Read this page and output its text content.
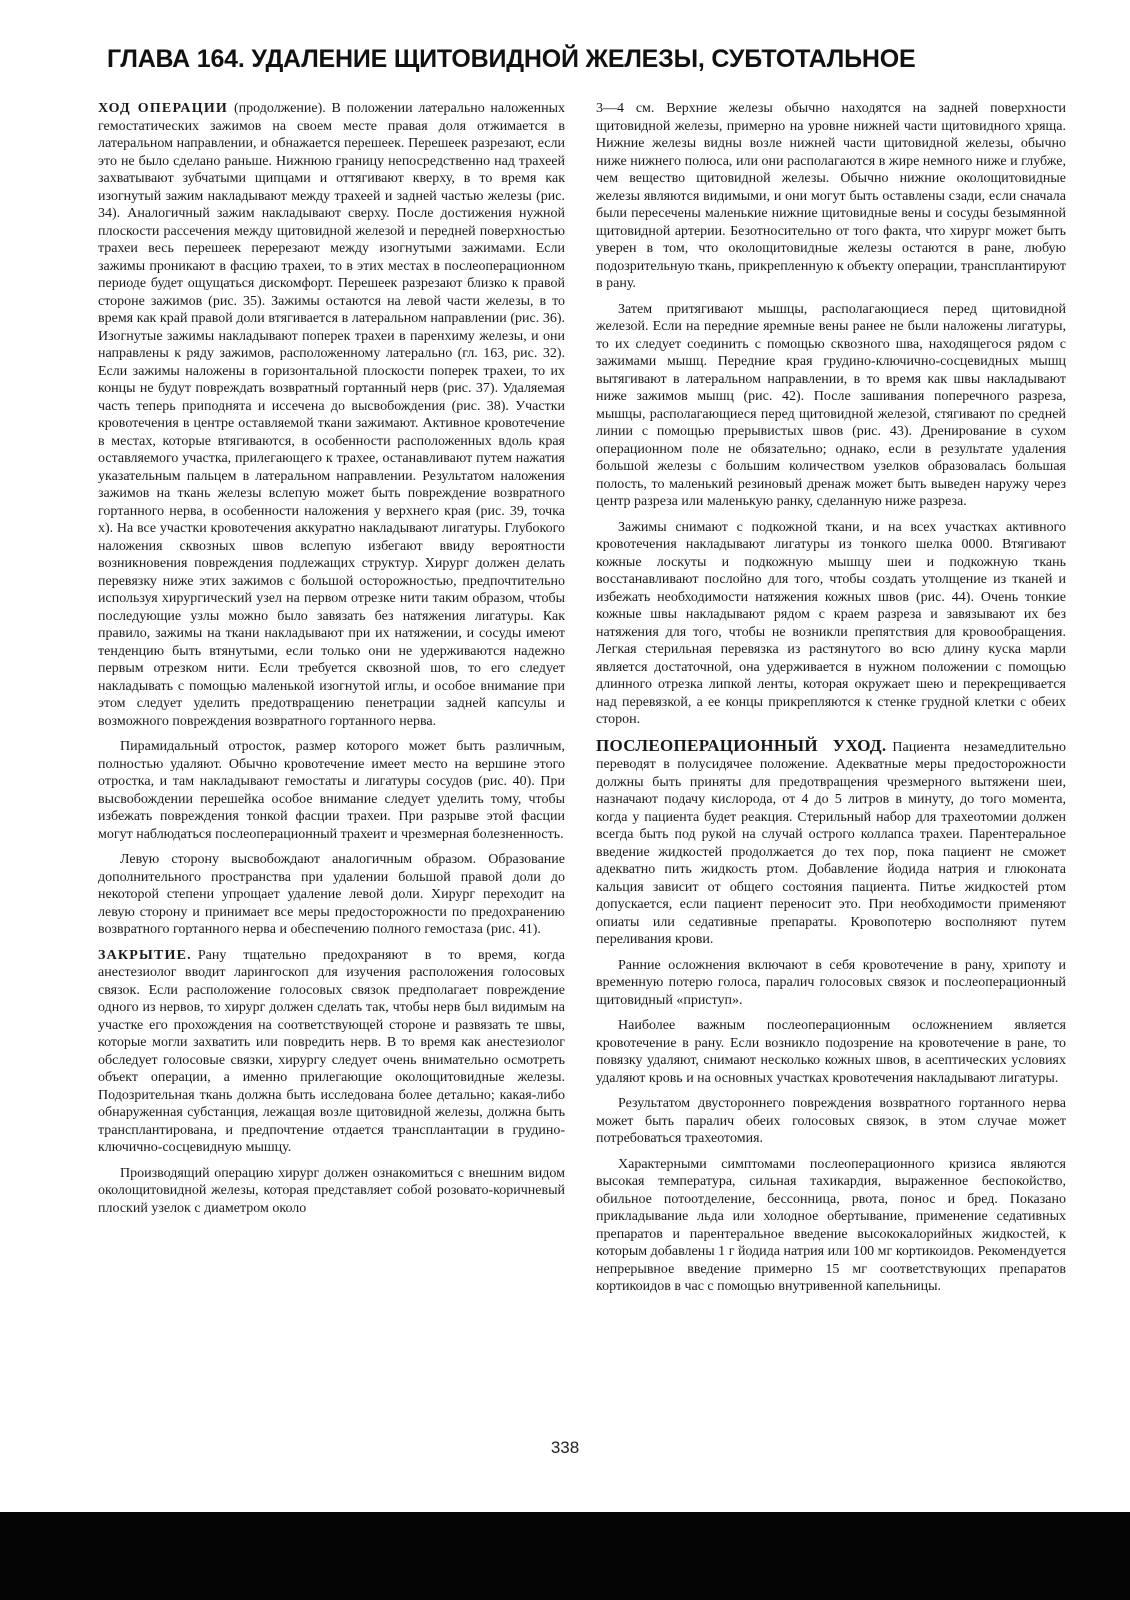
ГЛАВА 164. УДАЛЕНИЕ ЩИТОВИДНОЙ ЖЕЛЕЗЫ, СУБТОТАЛЬНОЕ

ХОД ОПЕРАЦИИ (продолжение). В положении латерально наложенных гемостатических зажимов на своем месте правая доля отжимается в латеральном направлении, и обнажается перешеек. Перешеек разрезают, если это не было сделано раньше. Нижнюю границу непосредственно над трахеей захватывают зубчатыми щипцами и оттягивают кверху, в то время как изогнутый зажим накладывают между трахеей и задней частью железы (рис. 34). Аналогичный зажим накладывают сверху. После достижения нужной плоскости рассечения между щитовидной железой и передней поверхностью трахеи весь перешеек перерезают между изогнутыми зажимами. Если зажимы проникают в фасцию трахеи, то в этих местах в послеоперационном периоде будет ощущаться дискомфорт. Перешеек разрезают близко к правой стороне зажимов (рис. 35). Зажимы остаются на левой части железы, в то время как край правой доли втягивается в латеральном направлении (рис. 36). Изогнутые зажимы накладывают поперек трахеи в паренхиму железы, и они направлены к ряду зажимов, расположенному латерально (гл. 163, рис. 32). Если зажимы наложены в горизонтальной плоскости поперек трахеи, то их концы не будут повреждать возвратный гортанный нерв (рис. 37). Удаляемая часть теперь приподнята и иссечена до высвобождения (рис. 38). Участки кровотечения в центре оставляемой ткани зажимают. Активное кровотечение в местах, которые втягиваются, в особенности расположенных вдоль края оставляемого участка, прилегающего к трахее, останавливают путем нажатия указательным пальцем в латеральном направлении. Результатом наложения зажимов на ткань железы вслепую может быть повреждение возвратного гортанного нерва, в особенности наложения у верхнего края (рис. 39, точка х). На все участки кровотечения аккуратно накладывают лигатуры. Глубокого наложения сквозных швов вслепую избегают ввиду вероятности возникновения повреждения подлежащих структур. Хирург должен делать перевязку ниже этих зажимов с большой осторожностью, предпочтительно используя хирургический узел на первом отрезке нити таким образом, чтобы последующие узлы можно было завязать без натяжения лигатуры. Как правило, зажимы на ткани накладывают при их натяжении, и сосуды имеют тенденцию быть втянутыми, если только они не удерживаются надежно первым отрезком нити. Если требуется сквозной шов, то его следует накладывать с помощью маленькой изогнутой иглы, и особое внимание при этом следует уделить предотвращению пенетрации задней капсулы и возможного повреждения возвратного гортанного нерва.

Пирамидальный отросток, размер которого может быть различным, полностью удаляют. Обычно кровотечение имеет место на вершине этого отростка, и там накладывают гемостаты и лигатуры сосудов (рис. 40). При высвобождении перешейка особое внимание следует уделить тому, чтобы избежать повреждения тонкой фасции трахеи. При разрыве этой фасции могут наблюдаться послеоперационный трахеит и чрезмерная болезненность.

Левую сторону высвобождают аналогичным образом. Образование дополнительного пространства при удалении большой правой доли до некоторой степени упрощает удаление левой доли. Хирург переходит на левую сторону и принимает все меры предосторожности по предохранению возвратного гортанного нерва и обеспечению полного гемостаза (рис. 41).

ЗАКРЫТИЕ. Рану тщательно предохраняют в то время, когда анестезиолог вводит ларингоскоп для изучения расположения голосовых связок. Если расположение голосовых связок предполагает повреждение одного из нервов, то хирург должен сделать так, чтобы нерв был видимым на участке его прохождения на соответствующей стороне и развязать те швы, которые могли захватить или повредить нерв. В то время как анестезиолог обследует голосовые связки, хирургу следует очень внимательно осмотреть объект операции, а именно прилегающие околощитовидные железы. Подозрительная ткань должна быть исследована более детально; какая-либо обнаруженная субстанция, лежащая возле щитовидной железы, должна быть трансплантирована, и предпочтение отдается трансплантации в грудино-ключично-сосцевидную мышцу.

Производящий операцию хирург должен ознакомиться с внешним видом околощитовидной железы, которая представляет собой розовато-коричневый плоский узелок с диаметром около

3—4 см. Верхние железы обычно находятся на задней поверхности щитовидной железы, примерно на уровне нижней части щитовидного хряща. Нижние железы видны возле нижней части щитовидной железы, обычно ниже нижнего полюса, или они располагаются в жире немного ниже и глубже, чем вещество щитовидной железы. Обычно нижние околощитовидные железы являются видимыми, и они могут быть оставлены сзади, если сначала были пересечены маленькие нижние щитовидные вены и сосуды безымянной щитовидной артерии. Безотносительно от того факта, что хирург может быть уверен в том, что околощитовидные железы остаются в ране, любую подозрительную ткань, прикрепленную к объекту операции, трансплантируют в рану.

Затем притягивают мышцы, располагающиеся перед щитовидной железой. Если на передние яремные вены ранее не были наложены лигатуры, то их следует соединить с помощью сквозного шва, находящегося рядом с зажимами мышц. Передние края грудино-ключично-сосцевидных мышц вытягивают в латеральном направлении, в то время как швы накладывают ниже зажимов мышц (рис. 42). После зашивания поперечного разреза, мышцы, располагающиеся перед щитовидной железой, стягивают по средней линии с помощью прерывистых швов (рис. 43). Дренирование в сухом операционном поле не обязательно; однако, если в результате удаления большой железы с большим количеством узелков образовалась большая полость, то маленький резиновый дренаж может быть выведен наружу через центр разреза или маленькую ранку, сделанную ниже разреза.

Зажимы снимают с подкожной ткани, и на всех участках активного кровотечения накладывают лигатуры из тонкого шелка 0000. Втягивают кожные лоскуты и подкожную мышцу шеи и подкожную ткань восстанавливают послойно для того, чтобы создать утолщение из тканей и избежать необходимости натяжения кожных швов (рис. 44). Очень тонкие кожные швы накладывают рядом с краем разреза и завязывают их без натяжения для того, чтобы не возникли препятствия для кровообращения. Легкая стерильная перевязка из растянутого во всю длину куска марли является достаточной, она удерживается в нужном положении с помощью длинного отрезка липкой ленты, которая окружает шею и перекрещивается над перевязкой, а ее концы прикрепляются к стенке грудной клетки с обеих сторон.

ПОСЛЕОПЕРАЦИОННЫЙ УХОД. Пациента незамедлительно переводят в полусидячее положение. Адекватные меры предосторожности должны быть приняты для предотвращения чрезмерного вытяжени шеи, назначают подачу кислорода, от 4 до 5 литров в минуту, до того момента, когда у пациента будет реакция. Стерильный набор для трахеотомии должен всегда быть под рукой на случай острого коллапса трахеи. Парентеральное введение жидкостей продолжается до тех пор, пока пациент не сможет адекватно пить жидкость ртом. Добавление йодида натрия и глюконата кальция зависит от общего состояния пациента. Питье жидкостей ртом допускается, если пациент переносит это. При необходимости применяют опиаты или седативные препараты. Кровопотерю восполняют путем переливания крови.

Ранние осложнения включают в себя кровотечение в рану, хрипоту и временную потерю голоса, паралич голосовых связок и послеоперационный щитовидный «приступ».

Наиболее важным послеоперационным осложнением является кровотечение в рану. Если возникло подозрение на кровотечение в ране, то повязку удаляют, снимают несколько кожных швов, в асептических условиях удаляют кровь и на основных участках кровотечения накладывают лигатуры.

Результатом двустороннего повреждения возвратного гортанного нерва может быть паралич обеих голосовых связок, в этом случае может потребоваться трахеотомия.

Характерными симптомами послеоперационного кризиса являются высокая температура, сильная тахикардия, выраженное беспокойство, обильное потоотделение, бессонница, рвота, понос и бред. Показано прикладывание льда или холодное обертывание, применение седативных препаратов и парентеральное введение высококалорийных жидкостей, к которым добавлены 1 г йодида натрия или 100 мг кортикоидов. Рекомендуется непрерывное введение примерно 15 мг соответствующих препаратов кортикоидов в час с помощью внутривенной капельницы.

338
